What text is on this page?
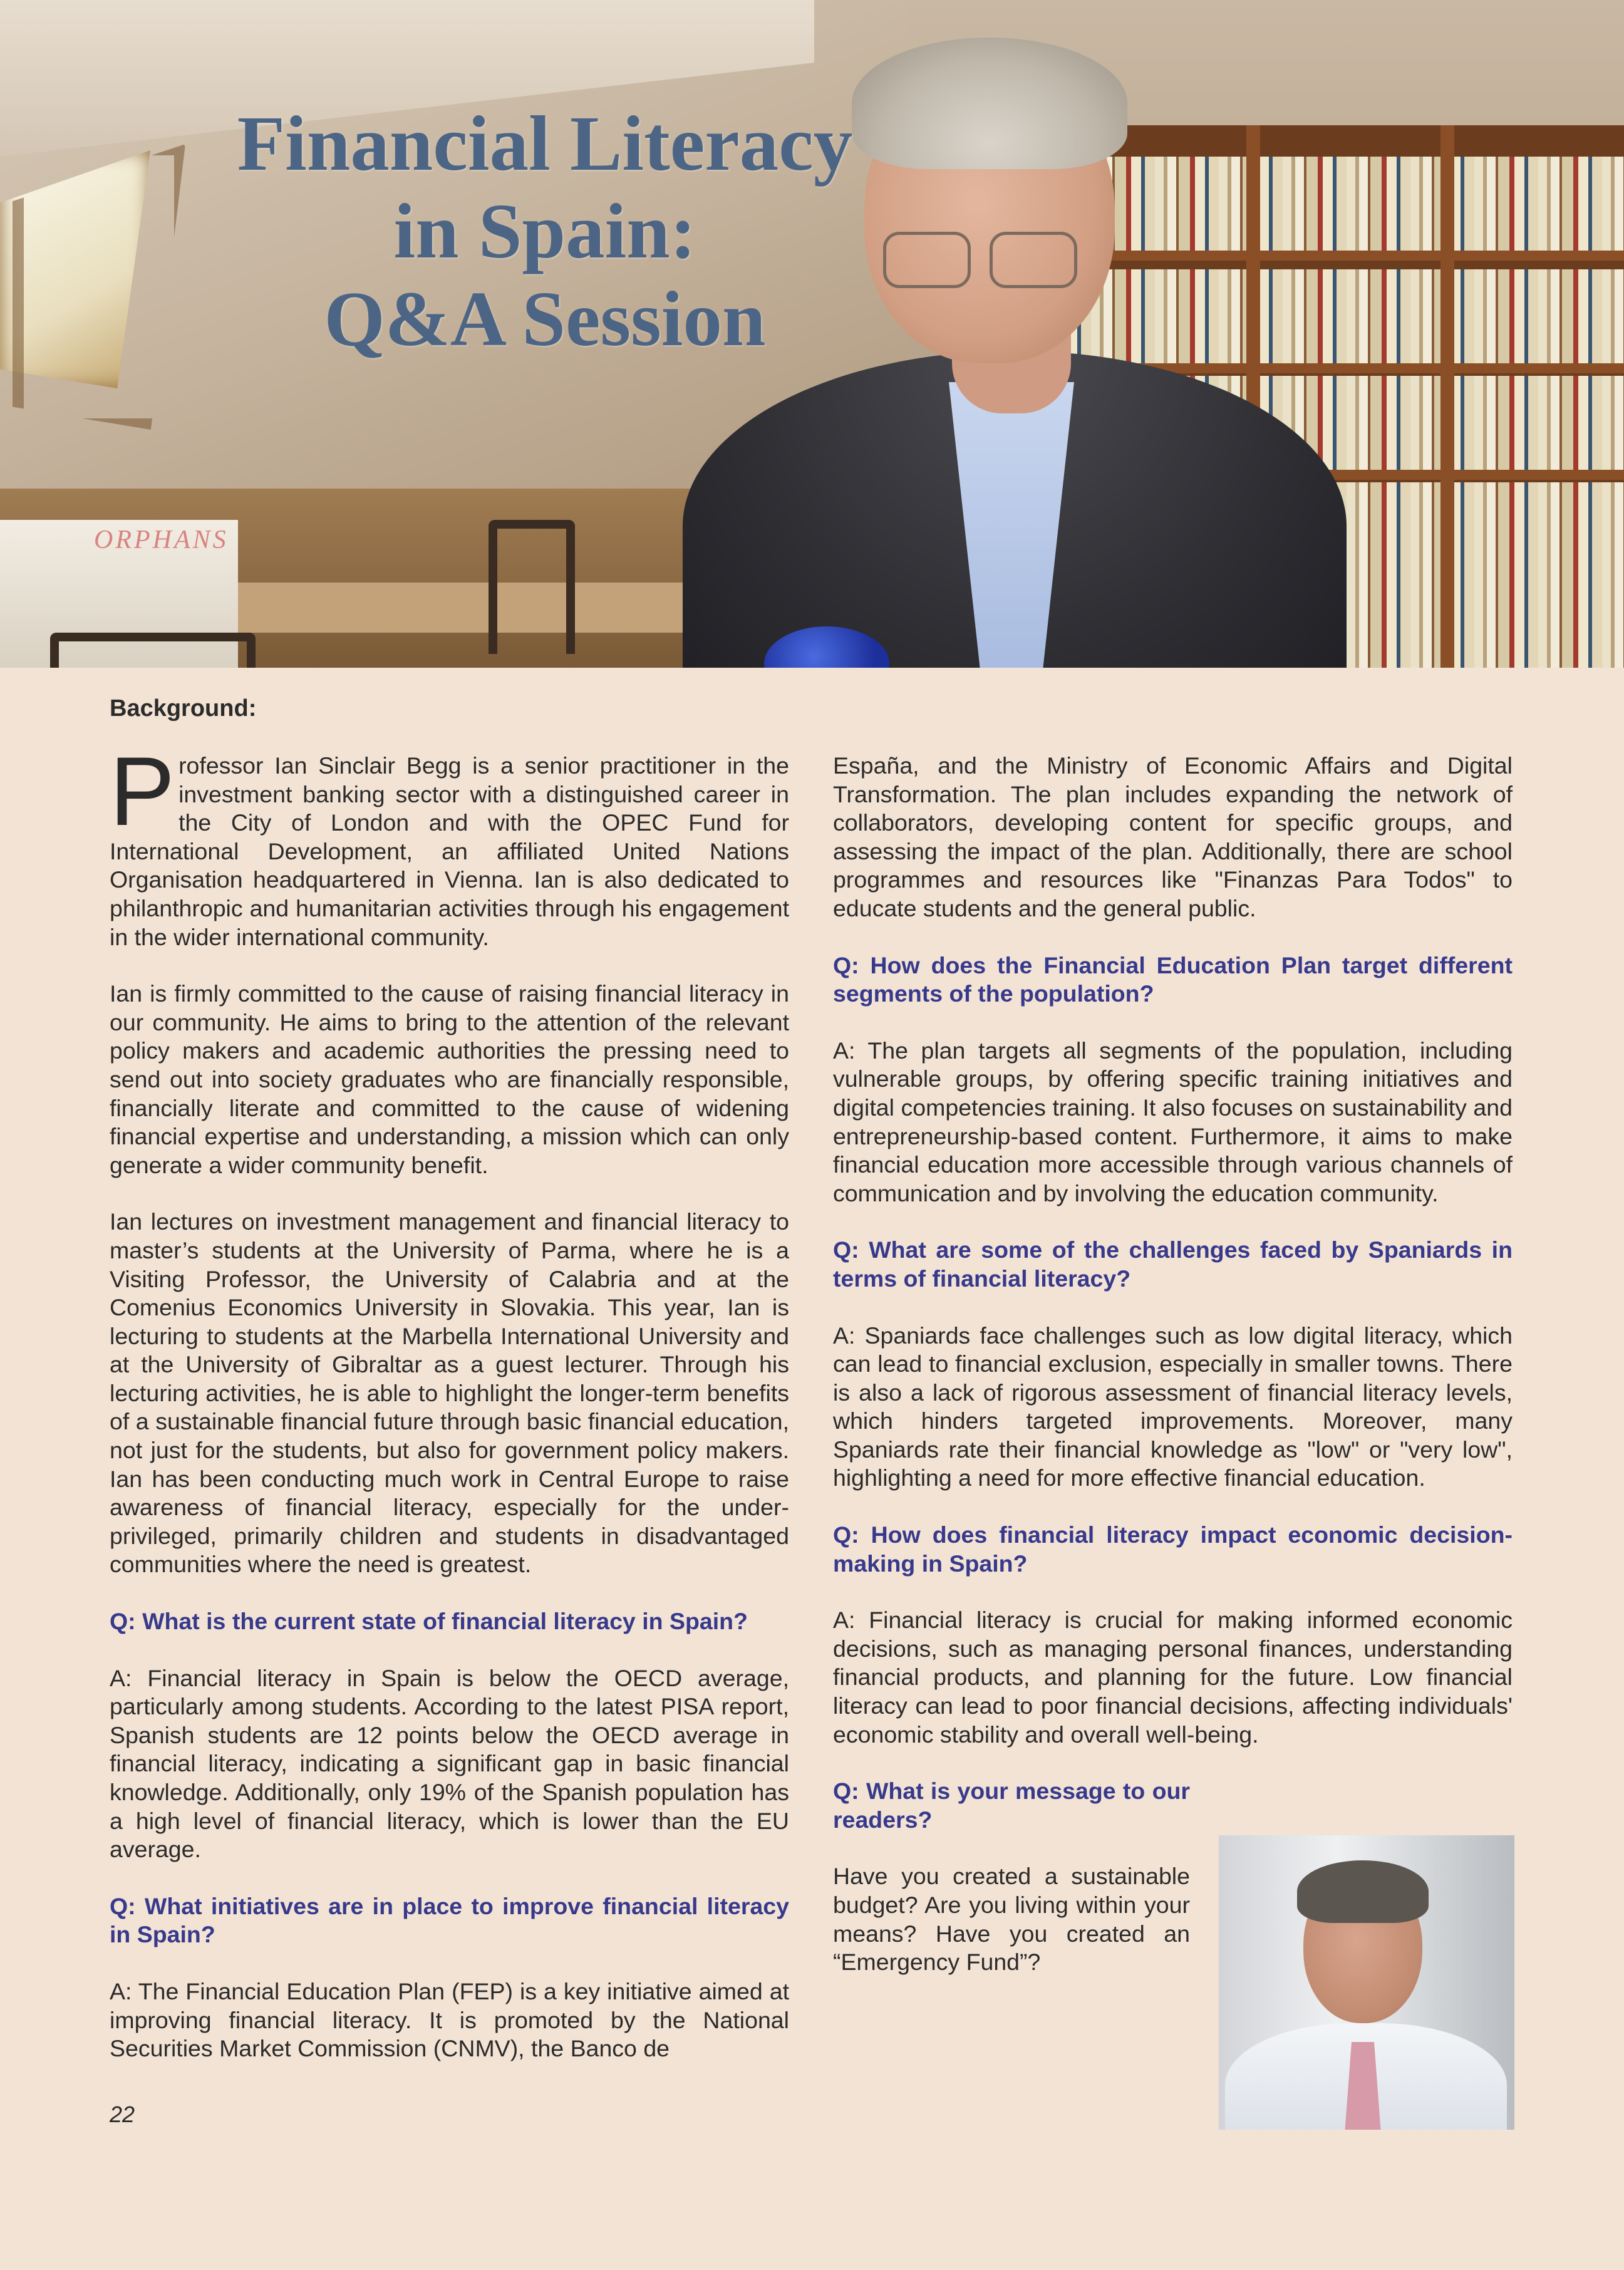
ORPHANS
Financial Literacy
in Spain:
Q&A Session
Background:

Professor Ian Sinclair Begg is a senior practitioner in the investment banking sector with a distinguished career in the City of London and with the OPEC Fund for International Development, an affiliated United Nations Organisation headquartered in Vienna. Ian is also dedicated to philanthropic and humanitarian activities through his engagement in the wider international community.

Ian is firmly committed to the cause of raising financial literacy in our community. He aims to bring to the attention of the relevant policy makers and academic authorities the pressing need to send out into society graduates who are financially responsible, financially literate and committed to the cause of widening financial expertise and understanding, a mission which can only generate a wider community benefit.

Ian lectures on investment management and financial literacy to master’s students at the University of Parma, where he is a Visiting Professor, the University of Calabria and at the Comenius Economics University in Slovakia. This year, Ian is lecturing to students at the Marbella International University and at the University of Gibraltar as a guest lecturer. Through his lecturing activities, he is able to highlight the longer-term benefits of a sustainable financial future through basic financial education, not just for the students, but also for government policy makers. Ian has been conducting much work in Central Europe to raise awareness of financial literacy, especially for the under-privileged, primarily children and students in disadvantaged communities where the need is greatest.

Q: What is the current state of financial literacy in Spain?

A: Financial literacy in Spain is below the OECD average, particularly among students. According to the latest PISA report, Spanish students are 12 points below the OECD average in financial literacy, indicating a significant gap in basic financial knowledge. Additionally, only 19% of the Spanish population has a high level of financial literacy, which is lower than the EU average.

Q: What initiatives are in place to improve financial literacy in Spain?

A: The Financial Education Plan (FEP) is a key initiative aimed at improving financial literacy. It is promoted by the National Securities Market Commission (CNMV), the Banco de

España, and the Ministry of Economic Affairs and Digital Transformation. The plan includes expanding the network of collaborators, developing content for specific groups, and assessing the impact of the plan. Additionally, there are school programmes and resources like "Finanzas Para Todos" to educate students and the general public.

Q: How does the Financial Education Plan target different segments of the population?

A: The plan targets all segments of the population, including vulnerable groups, by offering specific training initiatives and digital competencies training. It also focuses on sustainability and entrepreneurship-based content. Furthermore, it aims to make financial education more accessible through various channels of communication and by involving the education community.

Q: What are some of the challenges faced by Spaniards in terms of financial literacy?

A: Spaniards face challenges such as low digital literacy, which can lead to financial exclusion, especially in smaller towns. There is also a lack of rigorous assessment of financial literacy levels, which hinders targeted improvements. Moreover, many Spaniards rate their financial knowledge as "low" or "very low", highlighting a need for more effective financial education.

Q: How does financial literacy impact economic decision-making in Spain?

A: Financial literacy is crucial for making informed economic decisions, such as managing personal finances, understanding financial products, and planning for the future. Low financial literacy can lead to poor financial decisions, affecting individuals' economic stability and overall well-being.

Q: What is your message to our readers?

Have you created a sustainable budget? Are you living within your means? Have you created an “Emergency Fund”?

22
